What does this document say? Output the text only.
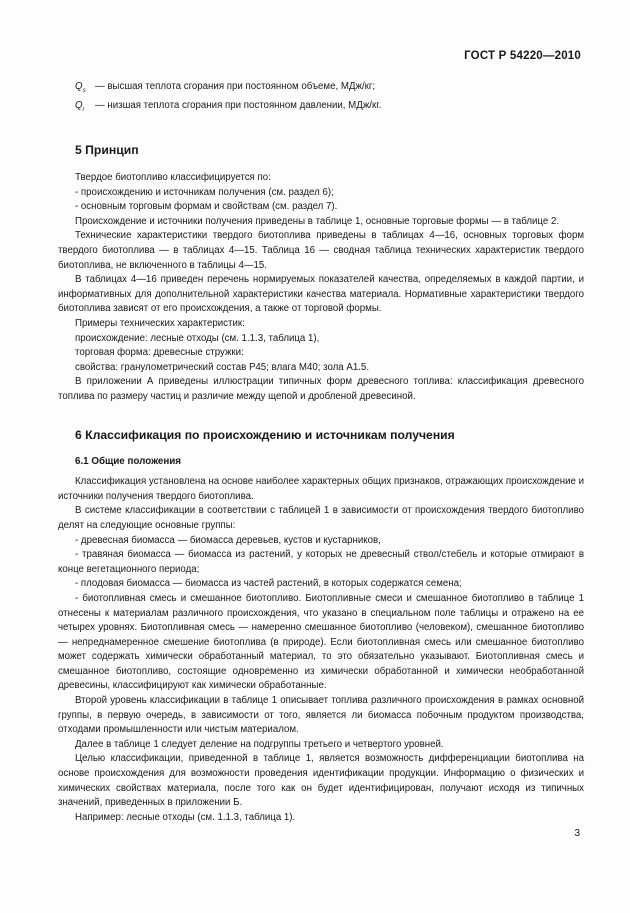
ГОСТ Р 54220—2010
$Q_s$ — высшая теплота сгорания при постоянном объеме, МДж/кг;
$Q_i$	— низшая теплота сгорания при постоянном давлении, МДж/кг.
5 Принцип

Твердое биотопливо классифицируется по:

- происхождению и источникам получения (см. раздел 6);

- основным торговым формам и свойствам (см. раздел 7).

Происхождение и источники получения приведены в таблице 1, основные торговые формы — в таблице 2.

Технические характеристики твердого биотоплива приведены в таблицах 4—16, основных торговых форм твердого биотоплива — в таблицах 4—15. Таблица 16 — сводная таблица технических характеристик твердого биотоплива, не включенного в таблицы 4—15.

В таблицах 4—16 приведен перечень нормируемых показателей качества, определяемых в каждой партии, и информативных для дополнительной характеристики качества материала. Нормативные характеристики твердого биотоплива зависят от его происхождения, а также от торговой формы.

Примеры технических характеристик:

происхождение: лесные отходы (см. 1.1.3, таблица 1),

торговая форма: древесные стружки:

свойства: гранулометрический состав Р45; влага М40; зола А1.5.

В приложении А приведены иллюстрации типичных форм древесного топлива: классификация древесного топлива по размеру частиц и различие между щепой и дробленой древесиной.

6 Классификация по происхождению и источникам получения
6.1 Общие положения

Классификация установлена на основе наиболее характерных общих признаков, отражающих происхождение и источники получения твердого биотоплива.

В системе классификации в соответствии с таблицей 1 в зависимости от происхождения твердого биотопливо делят на следующие основные группы:

- древесная биомасса — биомасса деревьев, кустов и кустарников,

- травяная биомасса — биомасса из растений, у которых не древесный ствол/стебель и которые отмирают в конце вегетационного периода;

- плодовая биомасса — биомасса из частей растений, в которых содержатся семена;

- биотопливная смесь и смешанное биотопливо. Биотопливные смеси и смешанное биотопливо в таблице 1 отнесены к материалам различного происхождения, что указано в специальном поле таблицы и отражено на ее четырех уровнях. Биотопливная смесь — намеренно смешанное биотопливо (человеком), смешанное биотопливо — непреднамеренное смешение биотоплива (в природе). Если биотопливная смесь или смешанное биотопливо может содержать химически обработанный материал, то это обязательно указывают. Биотопливная смесь и смешанное биотопливо, состоящие одновременно из химически обработанной и химически необработанной древесины, классифицируют как химически обработанные.

Второй уровень классификации в таблице 1 описывает топлива различного происхождения в рамках основной группы, в первую очередь, в зависимости от того, является ли биомасса побочным продуктом производства, отходами промышленности или чистым материалом.

Далее в таблице 1 следует деление на подгруппы третьего и четвертого уровней.

Целью классификации, приведенной в таблице 1, является возможность дифференциации биотоплива на основе происхождения для возможности проведения идентификации продукции. Информацию о физических и химических свойствах материала, после того как он будет идентифицирован, получают исходя из типичных значений, приведенных в приложении Б.

Например: лесные отходы (см. 1.1.3, таблица 1).

3
